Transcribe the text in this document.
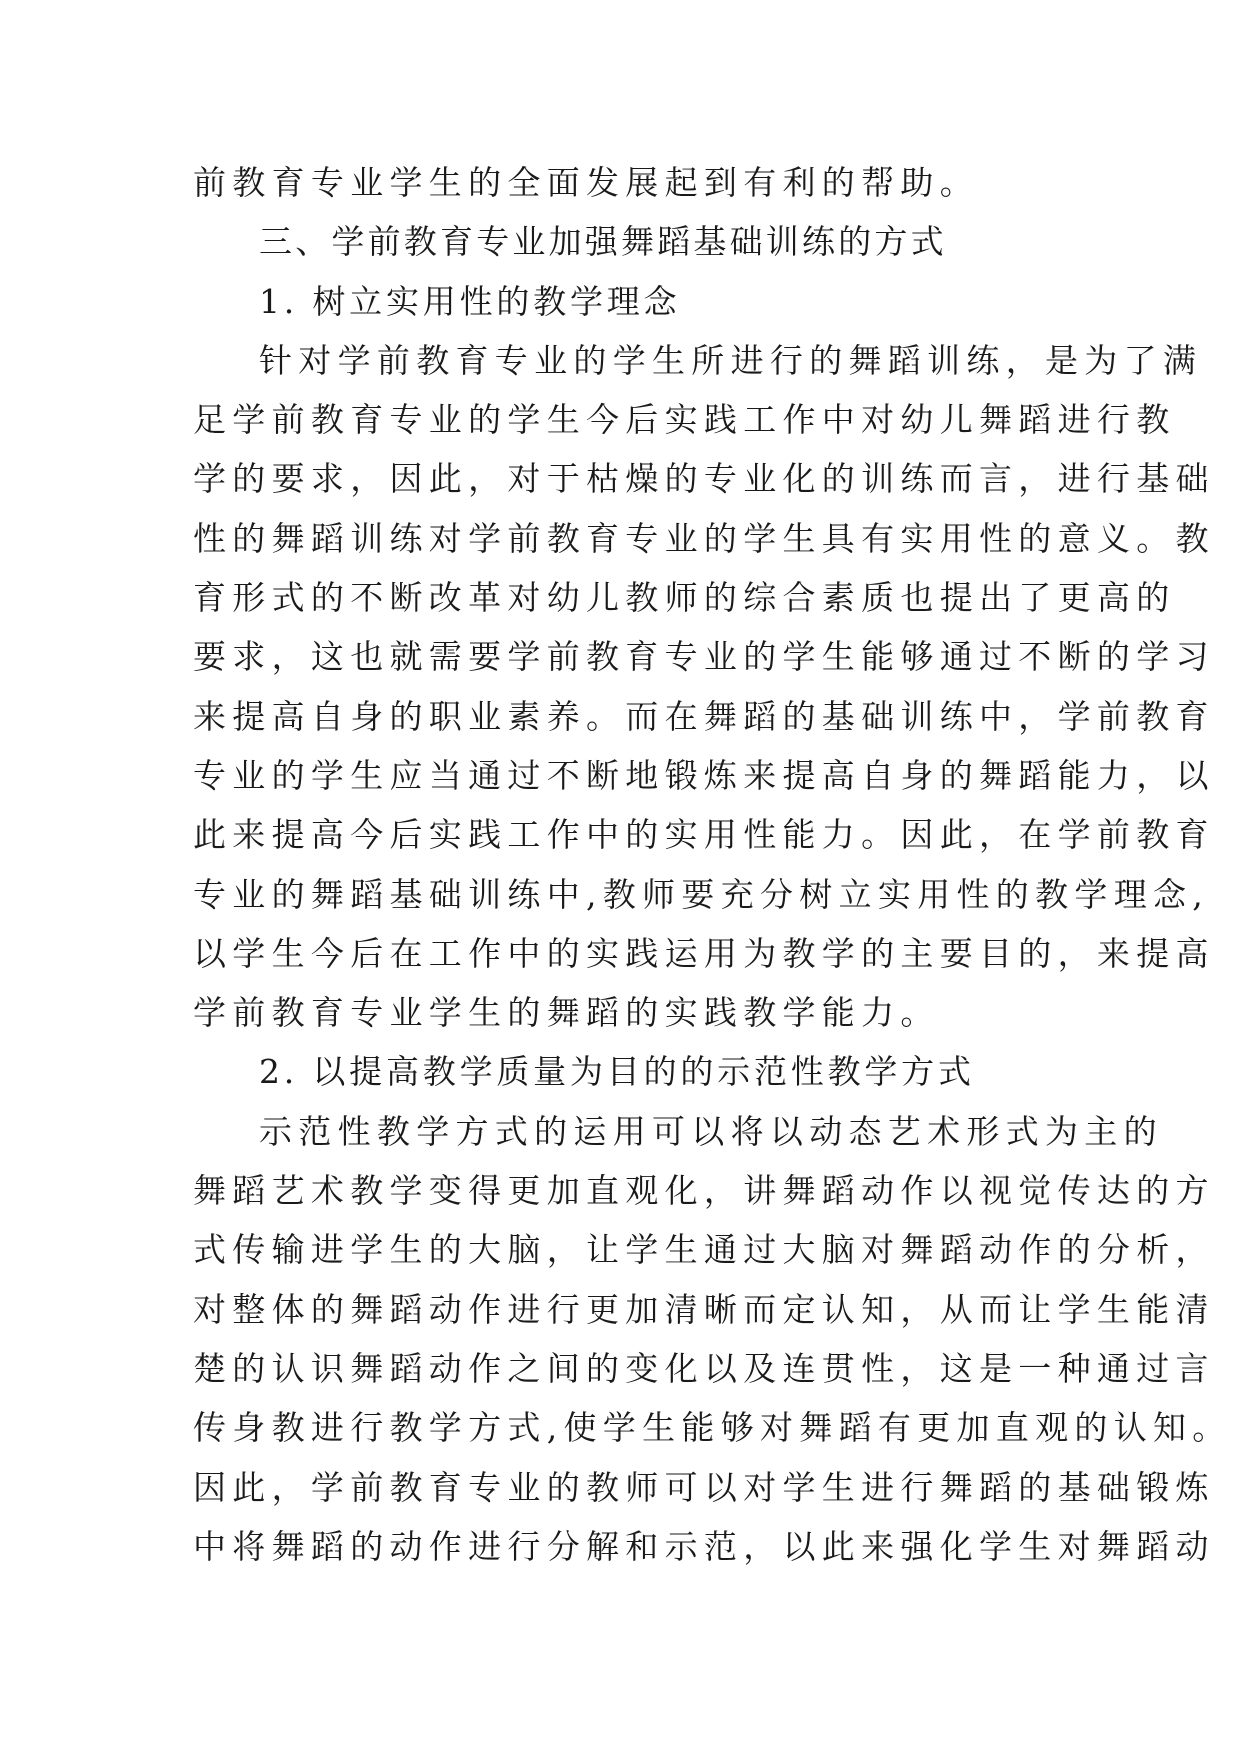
前教育专业学生的全面发展起到有利的帮助。
三、学前教育专业加强舞蹈基础训练的方式
1. 树立实用性的教学理念
针对学前教育专业的学生所进行的舞蹈训练，是为了满
足学前教育专业的学生今后实践工作中对幼儿舞蹈进行教
学的要求，因此，对于枯燥的专业化的训练而言，进行基础
性的舞蹈训练对学前教育专业的学生具有实用性的意义。教
育形式的不断改革对幼儿教师的综合素质也提出了更高的
要求，这也就需要学前教育专业的学生能够通过不断的学习
来提高自身的职业素养。而在舞蹈的基础训练中，学前教育
专业的学生应当通过不断地锻炼来提高自身的舞蹈能力，以
此来提高今后实践工作中的实用性能力。因此，在学前教育
专业的舞蹈基础训练中,教师要充分树立实用性的教学理念,
以学生今后在工作中的实践运用为教学的主要目的，来提高
学前教育专业学生的舞蹈的实践教学能力。
2. 以提高教学质量为目的的示范性教学方式
示范性教学方式的运用可以将以动态艺术形式为主的
舞蹈艺术教学变得更加直观化，讲舞蹈动作以视觉传达的方
式传输进学生的大脑，让学生通过大脑对舞蹈动作的分析，
对整体的舞蹈动作进行更加清晰而定认知，从而让学生能清
楚的认识舞蹈动作之间的变化以及连贯性，这是一种通过言
传身教进行教学方式,使学生能够对舞蹈有更加直观的认知。
因此，学前教育专业的教师可以对学生进行舞蹈的基础锻炼
中将舞蹈的动作进行分解和示范，以此来强化学生对舞蹈动
